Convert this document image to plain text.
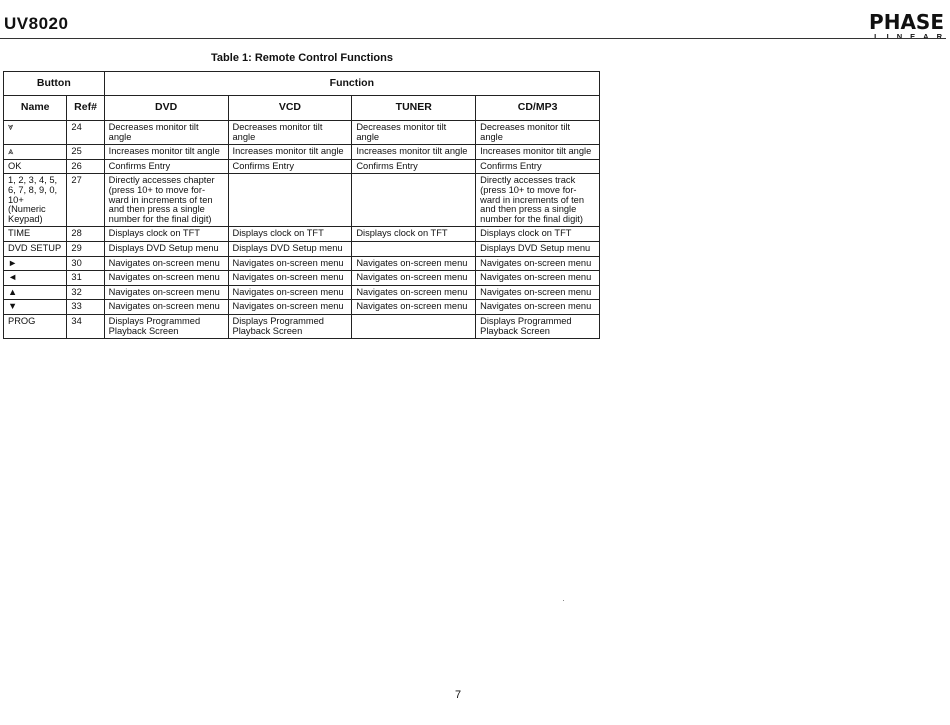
UV8020	PHASE
LINEAR
Table 1: Remote Control Functions
Button		Function			
Name	Ref#	DVD	VCD	TUNER	CD/MP3
⩔	24	Decreases monitor tilt angle	Decreases monitor tilt angle	Decreases monitor tilt angle	Decreases monitor tilt angle
⩓	25	Increases monitor tilt angle	Increases monitor tilt angle	Increases monitor tilt angle	Increases monitor tilt angle
OK	26	Confirms Entry	Confirms Entry	Confirms Entry	Confirms Entry
1, 2, 3, 4, 5, 6, 7, 8, 9, 0, 10+ (Numeric Keypad)	27	Directly accesses chapter (press 10+ to move for-ward in increments of ten and then press a single number for the final digit)			Directly accesses track (press 10+ to move for-ward in increments of ten and then press a single number for the final digit)
TIME	28	Displays clock on TFT	Displays clock on TFT	Displays clock on TFT	Displays clock on TFT
DVD SETUP	29	Displays DVD Setup menu	Displays DVD Setup menu		Displays DVD Setup menu
►	30	Navigates on-screen menu	Navigates on-screen menu	Navigates on-screen menu	Navigates on-screen menu
◄	31	Navigates on-screen menu	Navigates on-screen menu	Navigates on-screen menu	Navigates on-screen menu
▲	32	Navigates on-screen menu	Navigates on-screen menu	Navigates on-screen menu	Navigates on-screen menu
▼	33	Navigates on-screen menu	Navigates on-screen menu	Navigates on-screen menu	Navigates on-screen menu
PROG	34	Displays Programmed Playback Screen	Displays Programmed Playback Screen		Displays Programmed Playback Screen
7
